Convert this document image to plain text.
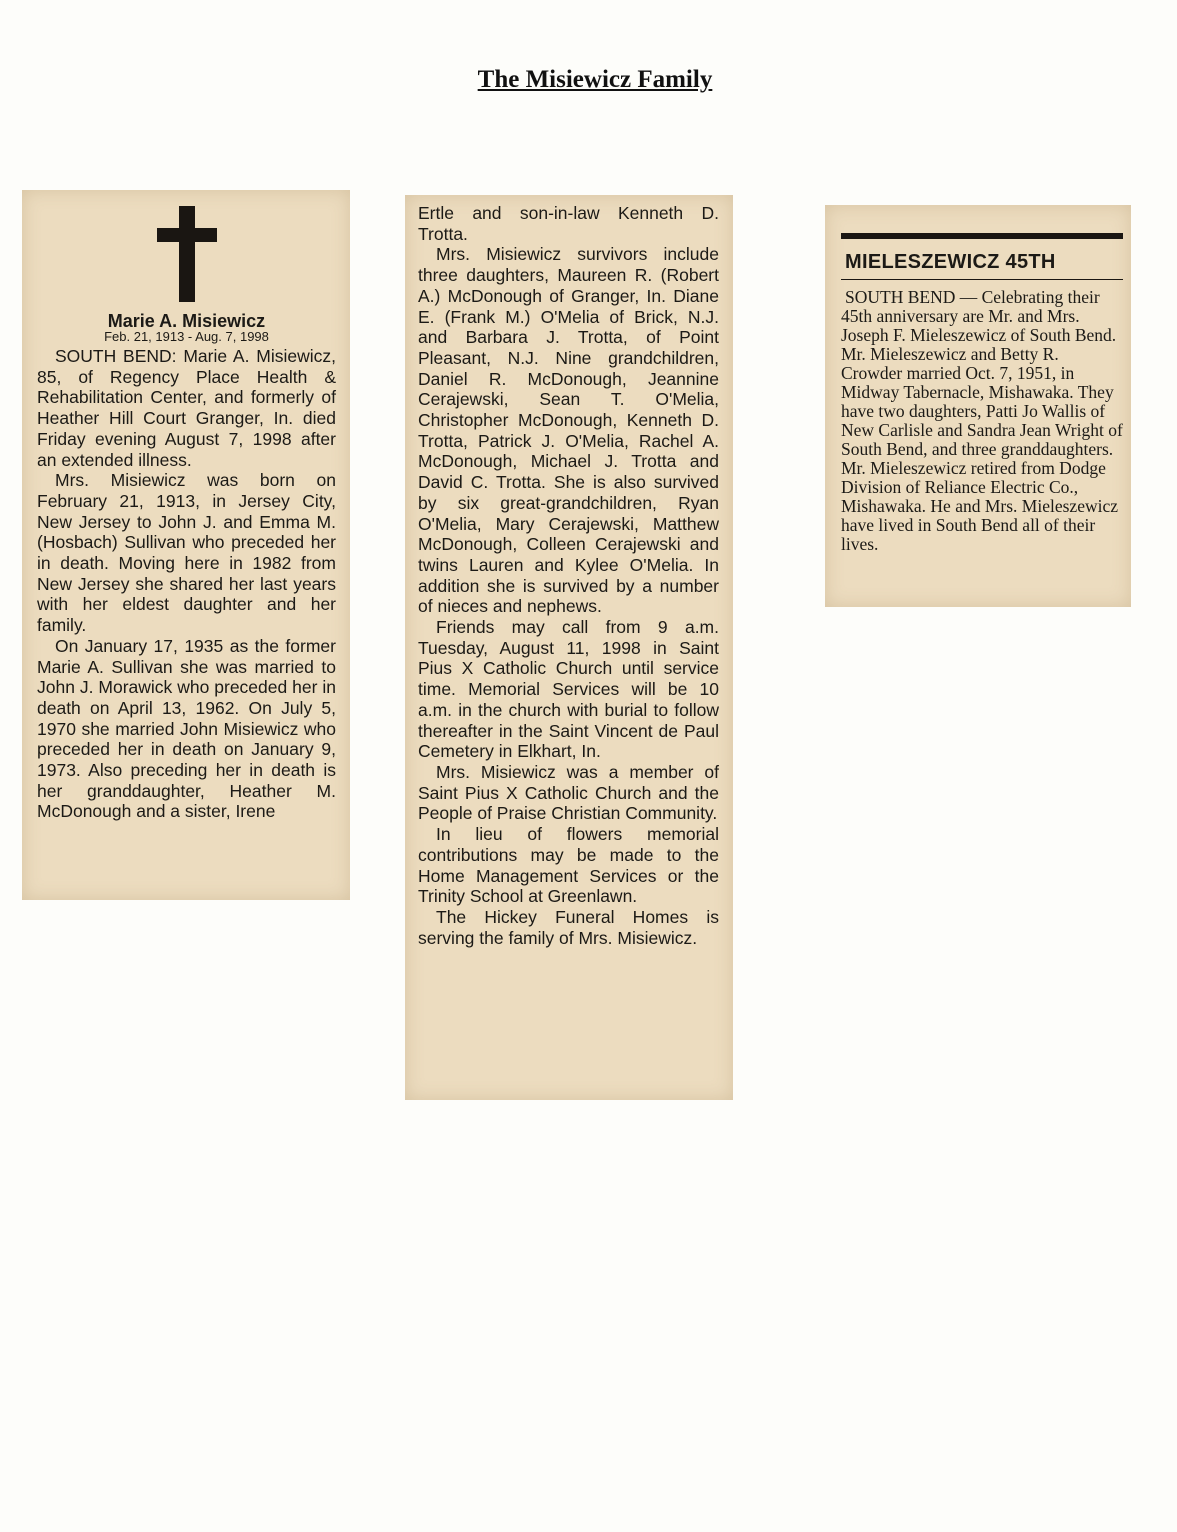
The Misiewicz Family
Marie A. Misiewicz
Feb. 21, 1913 - Aug. 7, 1998

SOUTH BEND: Marie A. Misiewicz, 85, of Regency Place Health & Rehabilitation Center, and formerly of Heather Hill Court Granger, In. died Friday evening August 7, 1998 after an extended illness.

Mrs. Misiewicz was born on February 21, 1913, in Jersey City, New Jersey to John J. and Emma M. (Hosbach) Sullivan who preceded her in death. Moving here in 1982 from New Jersey she shared her last years with her eldest daughter and her family.

On January 17, 1935 as the former Marie A. Sullivan she was married to John J. Morawick who preceded her in death on April 13, 1962. On July 5, 1970 she married John Misiewicz who preceded her in death on January 9, 1973. Also preceding her in death is her granddaughter, Heather M. McDonough and a sister, Irene

Ertle and son-in-law Kenneth D. Trotta.

Mrs. Misiewicz survivors include three daughters, Maureen R. (Robert A.) McDonough of Granger, In. Diane E. (Frank M.) O'Melia of Brick, N.J. and Barbara J. Trotta, of Point Pleasant, N.J. Nine grandchildren, Daniel R. McDonough, Jeannine Cerajewski, Sean T. O'Melia, Christopher McDonough, Kenneth D. Trotta, Patrick J. O'Melia, Rachel A. McDonough, Michael J. Trotta and David C. Trotta. She is also survived by six great-grandchildren, Ryan O'Melia, Mary Cerajewski, Matthew McDonough, Colleen Cerajewski and twins Lauren and Kylee O'Melia. In addition she is survived by a number of nieces and nephews.

Friends may call from 9 a.m. Tuesday, August 11, 1998 in Saint Pius X Catholic Church until service time. Memorial Services will be 10 a.m. in the church with burial to follow thereafter in the Saint Vincent de Paul Cemetery in Elkhart, In.

Mrs. Misiewicz was a member of Saint Pius X Catholic Church and the People of Praise Christian Community.

In lieu of flowers memorial contributions may be made to the Home Management Services or the Trinity School at Greenlawn.

The Hickey Funeral Homes is serving the family of Mrs. Misiewicz.

MIELESZEWICZ 45TH

SOUTH BEND — Celebrating their 45th anniversary are Mr. and Mrs. Joseph F. Mieleszewicz of South Bend. Mr. Mieleszewicz and Betty R. Crowder married Oct. 7, 1951, in Midway Tabernacle, Mishawaka. They have two daughters, Patti Jo Wallis of New Carlisle and Sandra Jean Wright of South Bend, and three granddaughters. Mr. Mieleszewicz retired from Dodge Division of Reliance Electric Co., Mishawaka. He and Mrs. Mieleszewicz have lived in South Bend all of their lives.
